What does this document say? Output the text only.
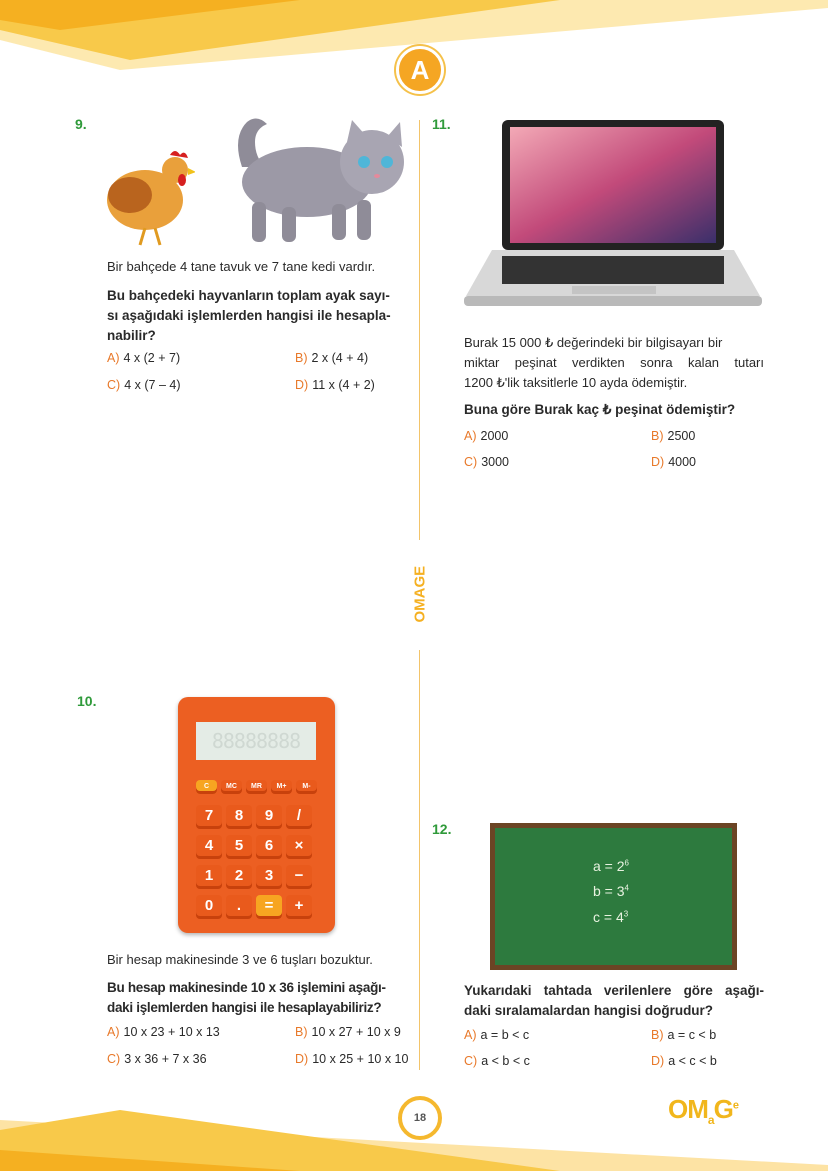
A
OMAGE
9.
Bir bahçede 4 tane tavuk ve 7 tane kedi vardır.
Bu bahçedeki hayvanların toplam ayak sayı-
sı aşağıdaki işlemlerden hangisi ile hesapla-
nabilir?
A) 4 x (2 + 7)	B) 2 x (4 + 4)
C) 4 x (7 – 4)	D) 11 x (4 + 2)
11.
Burak 15 000 ₺ değerindeki bir bilgisayarı bir
miktar peşinat verdikten sonra kalan tutarı
1200 ₺'lik taksitlerle 10 ayda ödemiştir.
Buna göre Burak kaç ₺ peşinat ödemiştir?
A) 2000	B) 2500
C) 3000	D) 4000
10.
88888888
C	MC	MR	M+	M-
7	8	9	/
4	5	6	×
1	2	3	−
0	.	=	+
Bir hesap makinesinde 3 ve 6 tuşları bozuktur.
Bu hesap makinesinde 10 x 36 işlemini aşağı-
daki işlemlerden hangisi ile hesaplayabiliriz?
A) 10 x 23 + 10 x 13	B) 10 x 27 + 10 x 9
C) 3 x 36 + 7 x 36	D) 10 x 25 + 10 x 10
12.
$a = 2^6$
$b = 3^4$
$c = 4^3$
Yukarıdaki tahtada verilenlere göre aşağı-
daki sıralamalardan hangisi doğrudur?
A) a = b < c	B) a = c < b
C) a < b < c	D) a < c < b
18	$OM_aG^e$
